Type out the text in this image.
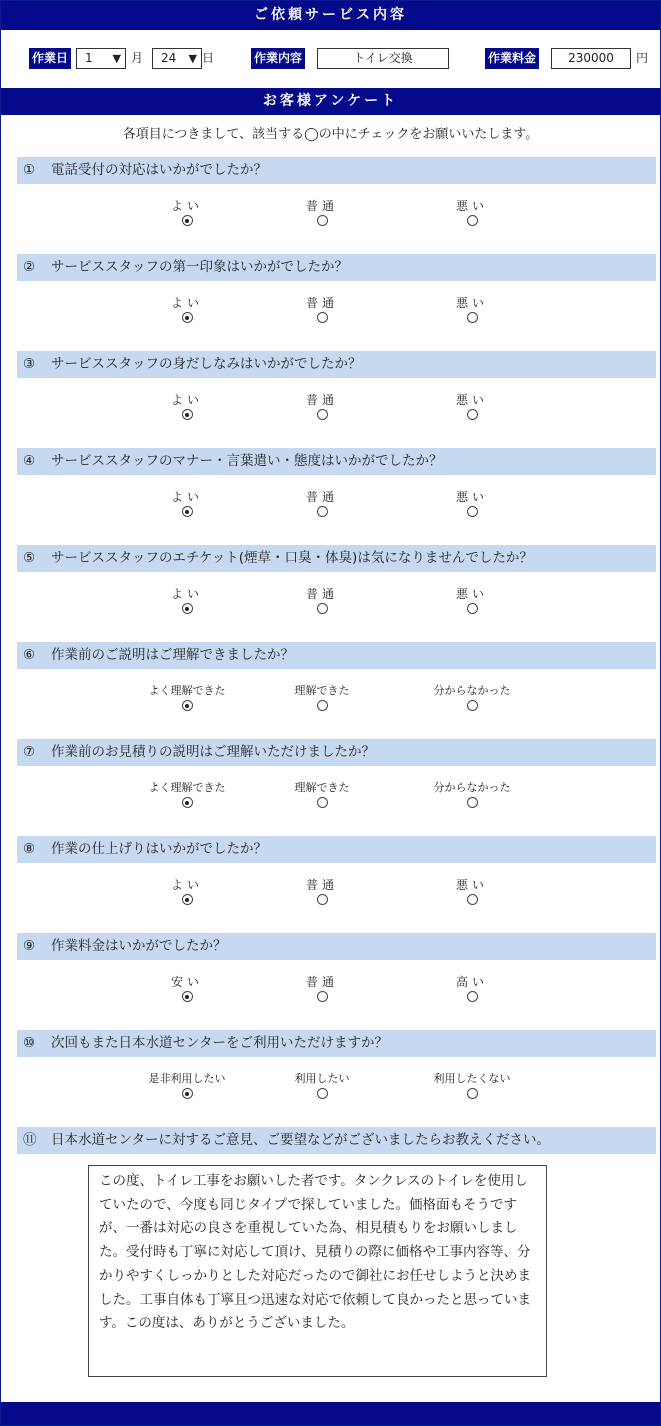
ご依頼サービス内容
作業日 1 ▼ 月 24 ▼ 日	作業内容	トイレ交換	作業料金	230000	円
お客様アンケート
各項目につきまして、該当する◯の中にチェックをお願いいたします。
① 電話受付の対応はいかがでしたか？
よい	普通	悪い
② サービススタッフの第一印象はいかがでしたか？
よい	普通	悪い
③ サービススタッフの身だしなみはいかがでしたか？
よい	普通	悪い
④ サービススタッフのマナー・言葉遣い・態度はいかがでしたか？
よい	普通	悪い
⑤ サービススタッフのエチケット(煙草・口臭・体臭)は気になりませんでしたか？
よい	普通	悪い
⑥ 作業前のご説明はご理解できましたか？
よく理解できた	理解できた	分からなかった
⑦ 作業前のお見積りの説明はご理解いただけましたか？
よく理解できた	理解できた	分からなかった
⑧ 作業の仕上げりはいかがでしたか？
よい	普通	悪い
⑨ 作業料金はいかがでしたか？
安い	普通	高い
⑩ 次回もまた日本水道センターをご利用いただけますか？
是非利用したい	利用したい	利用したくない
⑪ 日本水道センターに対するご意見、ご要望などがございましたらお教えください。
この度、トイレ工事をお願いした者です。タンクレスのトイレを使用していたので、今度も同じタイプで探していました。価格面もそうですが、一番は対応の良さを重視していた為、相見積もりをお願いしました。受付時も丁寧に対応して頂け、見積りの際に価格や工事内容等、分かりやすくしっかりとした対応だったので御社にお任せしようと決めました。工事自体も丁寧且つ迅速な対応で依頼して良かったと思っています。この度は、ありがとうございました。
